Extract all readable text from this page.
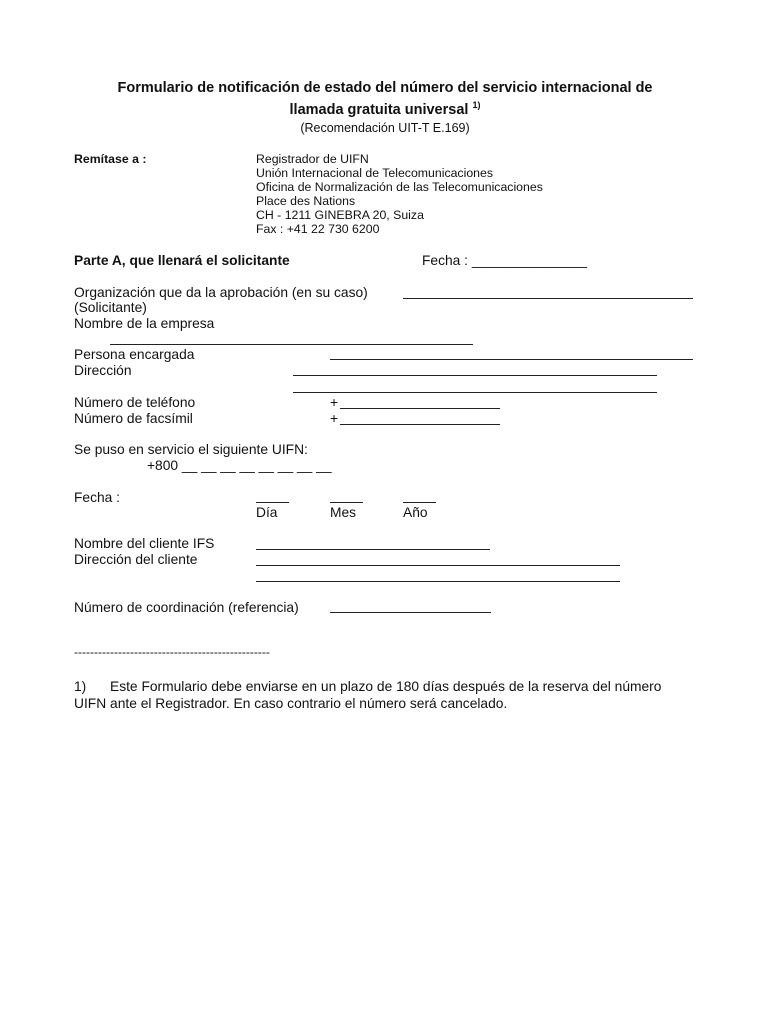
Formulario de notificación de estado del número del servicio internacional de
llamada gratuita universal $^{1)}$
(Recomendación UIT-T E.169)
Remítase a :	Registrador de UIFN
Unión Internacional de Telecomunicaciones
Oficina de Normalización de las Telecomunicaciones
Place des Nations
CH - 1211 GINEBRA 20, Suiza
Fax : +41 22 730 6200
Parte A, que llenará el solicitante	Fecha : _______________
Organización que da la aprobación (en su caso)
(Solicitante)
Nombre de la empresa
Persona encargada
Dirección
Número de teléfono	+
Número de facsímil	+
Se puso en servicio el siguiente UIFN:
+800 __ __ __ __ __ __ __ __
Fecha :
Día	Mes	Año
Nombre del cliente IFS
Dirección del cliente
Número de coordinación (referencia)
-------------------------------------------------
1) Este Formulario debe enviarse en un plazo de 180 días después de la reserva del número
UIFN ante el Registrador. En caso contrario el número será cancelado.
